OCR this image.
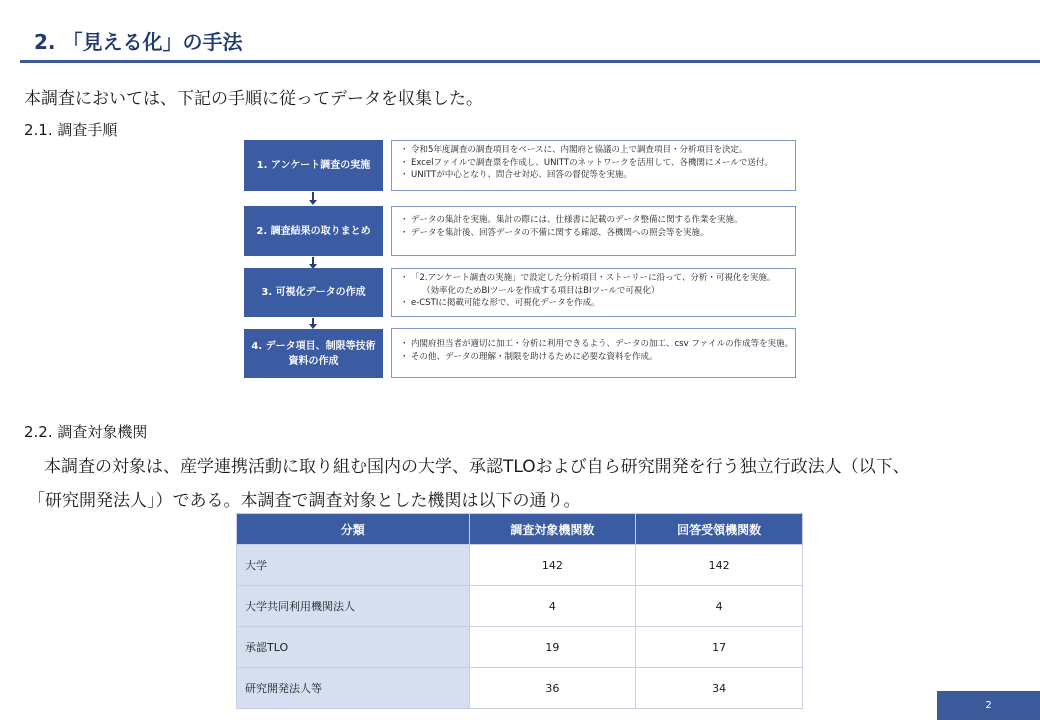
2. 「見える化」の手法
本調査においては、下記の手順に従ってデータを収集した。
2.1. 調査手順
1. アンケート調査の実施
・ 令和5年度調査の調査項目をベースに、内閣府と協議の上で調査項目・分析項目を決定。
・ Excelファイルで調査票を作成し、UNITTのネットワークを活用して、各機関にメールで送付。
・ UNITTが中心となり、問合せ対応、回答の督促等を実施。
2. 調査結果の取りまとめ
・ データの集計を実施。集計の際には、仕様書に記載のデータ整備に関する作業を実施。
・ データを集計後、回答データの不備に関する確認、各機関への照会等を実施。
3. 可視化データの作成
・ 「2.アンケート調査の実施」で設定した分析項目・ストーリーに沿って、分析・可視化を実施。
（効率化のためBIツールを作成する項目はBIツールで可視化）
・ e-CSTIに掲載可能な形で、可視化データを作成。
4. データ項目、制限等技術
資料の作成
・ 内閣府担当者が適切に加工・分析に利用できるよう、データの加工、csv ファイルの作成等を実施。
・ その他、データの理解・制限を助けるために必要な資料を作成。
2.2. 調査対象機関
本調査の対象は、産学連携活動に取り組む国内の大学、承認TLOおよび自ら研究開発を行う独立行政法人（以下、
「研究開発法人」）である。本調査で調査対象とした機関は以下の通り。
分類	調査対象機関数	回答受領機関数
大学	142	142
大学共同利用機関法人	4	4
承認TLO	19	17
研究開発法人等	36	34
2
